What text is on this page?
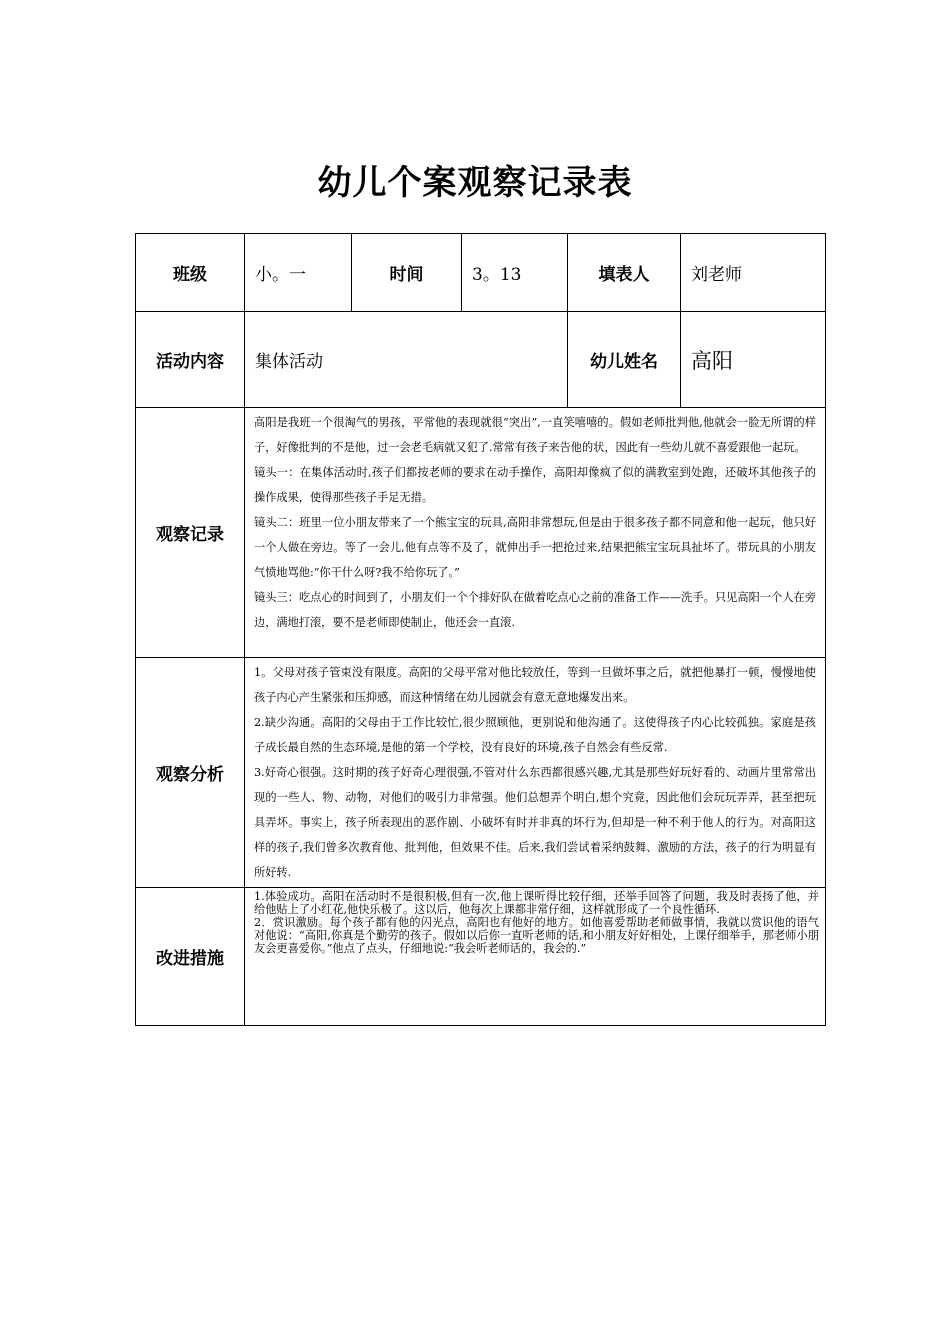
幼儿个案观察记录表
班级	小。一	时间	3。13	填表人	刘老师
活动内容	集体活动			幼儿姓名	高阳
观察记录	高阳是我班一个很淘气的男孩，平常他的表现就很“突出”,一直笑嘻嘻的。假如老师批判他,他就会一脸无所谓的样子，好像批判的不是他，过一会老毛病就又犯了.常常有孩子来告他的状，因此有一些幼儿就不喜爱跟他一起玩。

镜头一：在集体活动时,孩子们都按老师的要求在动手操作，高阳却像疯了似的满教室到处跑，还破坏其他孩子的操作成果，使得那些孩子手足无措。

镜头二：班里一位小朋友带来了一个熊宝宝的玩具,高阳非常想玩,但是由于很多孩子都不同意和他一起玩，他只好一个人做在旁边。等了一会儿,他有点等不及了，就伸出手一把抢过来,结果把熊宝宝玩具扯坏了。带玩具的小朋友气愤地骂他:“你干什么呀?我不给你玩了。”

镜头三：吃点心的时间到了，小朋友们一个个排好队在做着吃点心之前的准备工作——洗手。只见高阳一个人在旁边，满地打滚，要不是老师即使制止，他还会一直滚.				

观察分析	1。父母对孩子管束没有限度。高阳的父母平常对他比较放任，等到一旦做坏事之后，就把他暴打一顿，慢慢地使孩子内心产生紧张和压抑感，而这种情绪在幼儿园就会有意无意地爆发出来。

2.缺少沟通。高阳的父母由于工作比较忙,很少照顾他，更别说和他沟通了。这使得孩子内心比较孤独。家庭是孩子成长最自然的生态环境,是他的第一个学校，没有良好的环境,孩子自然会有些反常.

3.好奇心很强。这时期的孩子好奇心理很强,不管对什么东西都很感兴趣,尤其是那些好玩好看的、动画片里常常出现的一些人、物、动物，对他们的吸引力非常强。他们总想弄个明白,想个究竟，因此他们会玩玩弄弄，甚至把玩具弄坏。事实上，孩子所表现出的恶作剧、小破坏有时并非真的坏行为,但却是一种不利于他人的行为。对高阳这样的孩子,我们曾多次教育他、批判他，但效果不佳。后来,我们尝试着采纳鼓舞、激励的方法，孩子的行为明显有所好转.				

改进措施	1.体验成功。高阳在活动时不是很积极,但有一次,他上课听得比较仔细，还举手回答了问题，我及时表扬了他，并给他贴上了小红花,他快乐极了。这以后，他每次上课都非常仔细，这样就形成了一个良性循环.

2．赏识激励。每个孩子都有他的闪光点，高阳也有他好的地方。如他喜爱帮助老师做事情，我就以赏识他的语气对他说：“高阳,你真是个勤劳的孩子。假如以后你一直听老师的话,和小朋友好好相处，上课仔细举手，那老师小朋友会更喜爱你。”他点了点头，仔细地说:“我会听老师话的，我会的.”				
